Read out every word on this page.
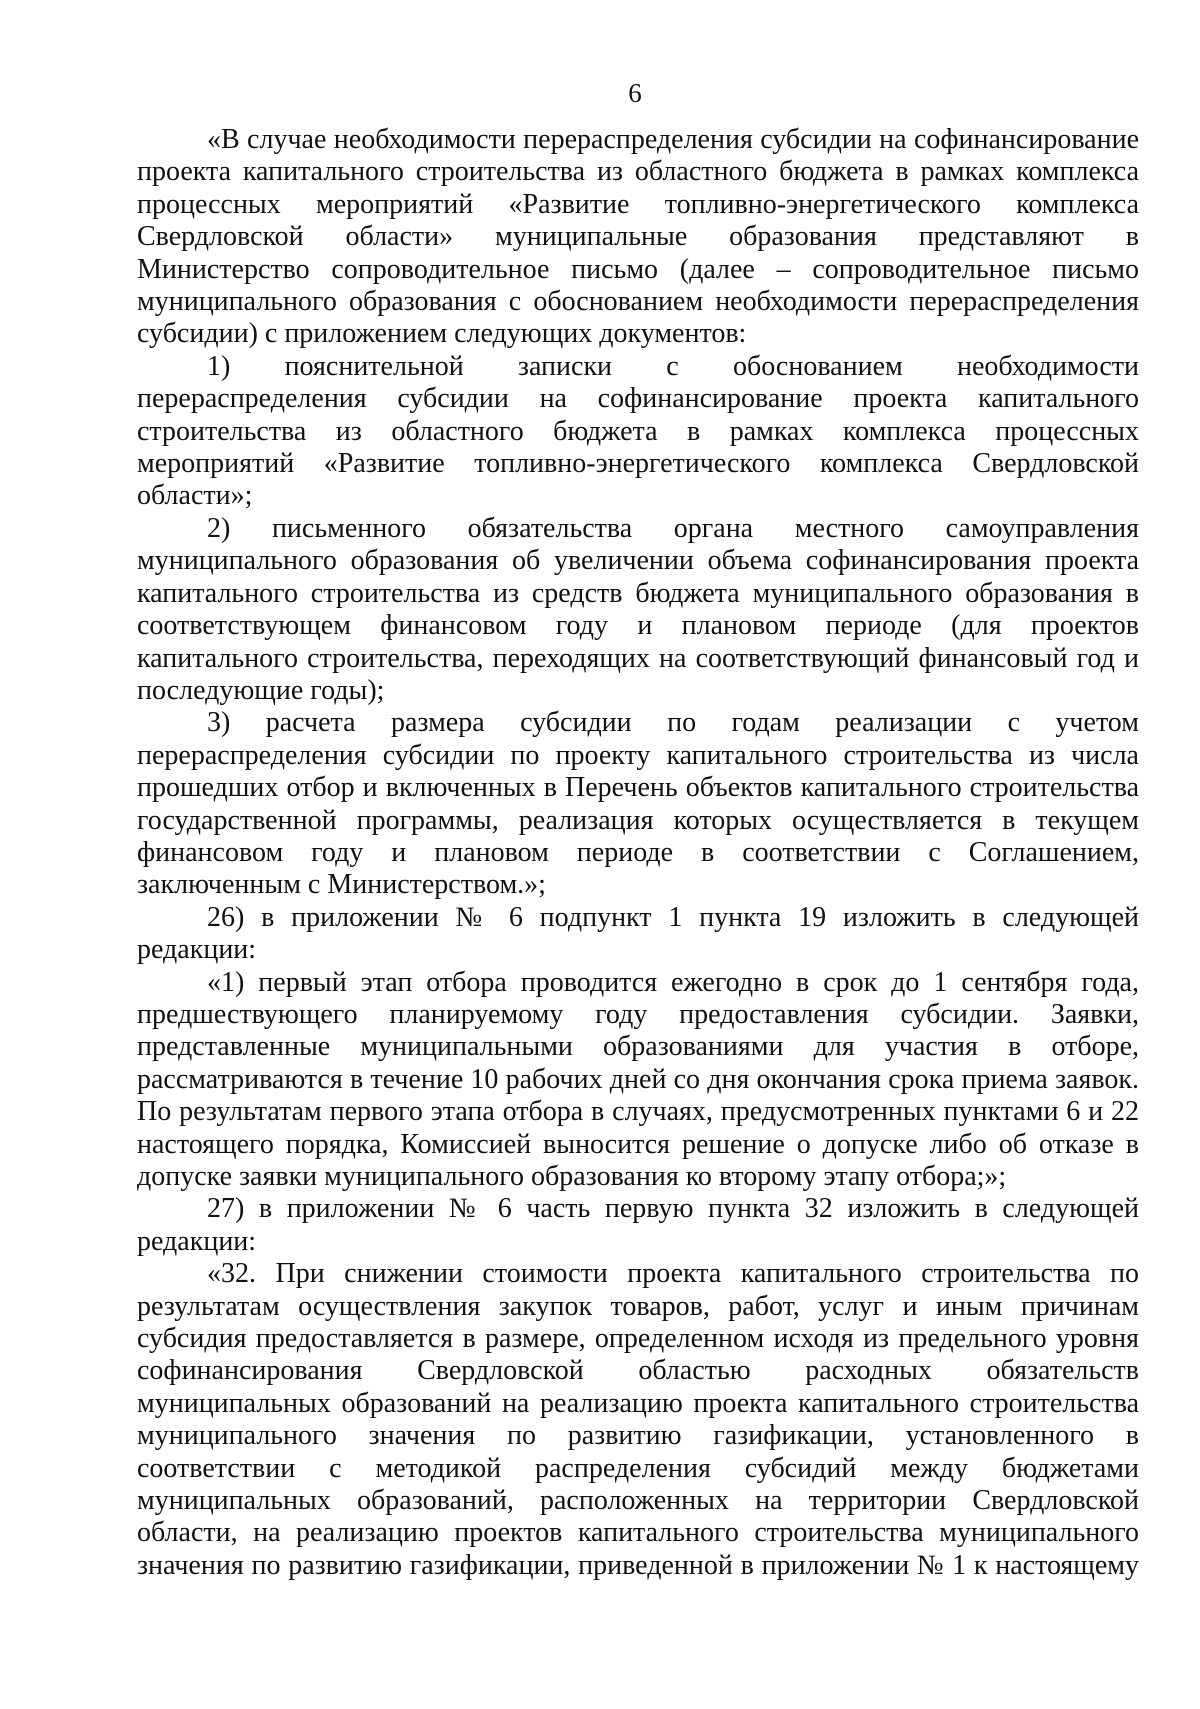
6

«В случае необходимости перераспределения субсидии на софинансирование проекта капитального строительства из областного бюджета в рамках комплекса процессных мероприятий «Развитие топливно-энергетического комплекса Свердловской области» муниципальные образования представляют в Министерство сопроводительное письмо (далее – сопроводительное письмо муниципального образования с обоснованием необходимости перераспределения субсидии) с приложением следующих документов:

1) пояснительной записки с обоснованием необходимости перераспределения субсидии на софинансирование проекта капитального строительства из областного бюджета в рамках комплекса процессных мероприятий «Развитие топливно-энергетического комплекса Свердловской области»;

2) письменного обязательства органа местного самоуправления муниципального образования об увеличении объема софинансирования проекта капитального строительства из средств бюджета муниципального образования в соответствующем финансовом году и плановом периоде (для проектов капитального строительства, переходящих на соответствующий финансовый год и последующие годы);

3) расчета размера субсидии по годам реализации с учетом перераспределения субсидии по проекту капитального строительства из числа прошедших отбор и включенных в Перечень объектов капитального строительства государственной программы, реализация которых осуществляется в текущем финансовом году и плановом периоде в соответствии с Соглашением, заключенным с Министерством.»;

26) в приложении № 6 подпункт 1 пункта 19 изложить в следующей редакции:

«1) первый этап отбора проводится ежегодно в срок до 1 сентября года, предшествующего планируемому году предоставления субсидии. Заявки, представленные муниципальными образованиями для участия в отборе, рассматриваются в течение 10 рабочих дней со дня окончания срока приема заявок. По результатам первого этапа отбора в случаях, предусмотренных пунктами 6 и 22 настоящего порядка, Комиссией выносится решение о допуске либо об отказе в допуске заявки муниципального образования ко второму этапу отбора;»;

27) в приложении № 6 часть первую пункта 32 изложить в следующей редакции:

«32. При снижении стоимости проекта капитального строительства по результатам осуществления закупок товаров, работ, услуг и иным причинам субсидия предоставляется в размере, определенном исходя из предельного уровня софинансирования Свердловской областью расходных обязательств муниципальных образований на реализацию проекта капитального строительства муниципального значения по развитию газификации, установленного в соответствии с методикой распределения субсидий между бюджетами муниципальных образований, расположенных на территории Свердловской области, на реализацию проектов капитального строительства муниципального значения по развитию газификации, приведенной в приложении № 1 к настоящему
